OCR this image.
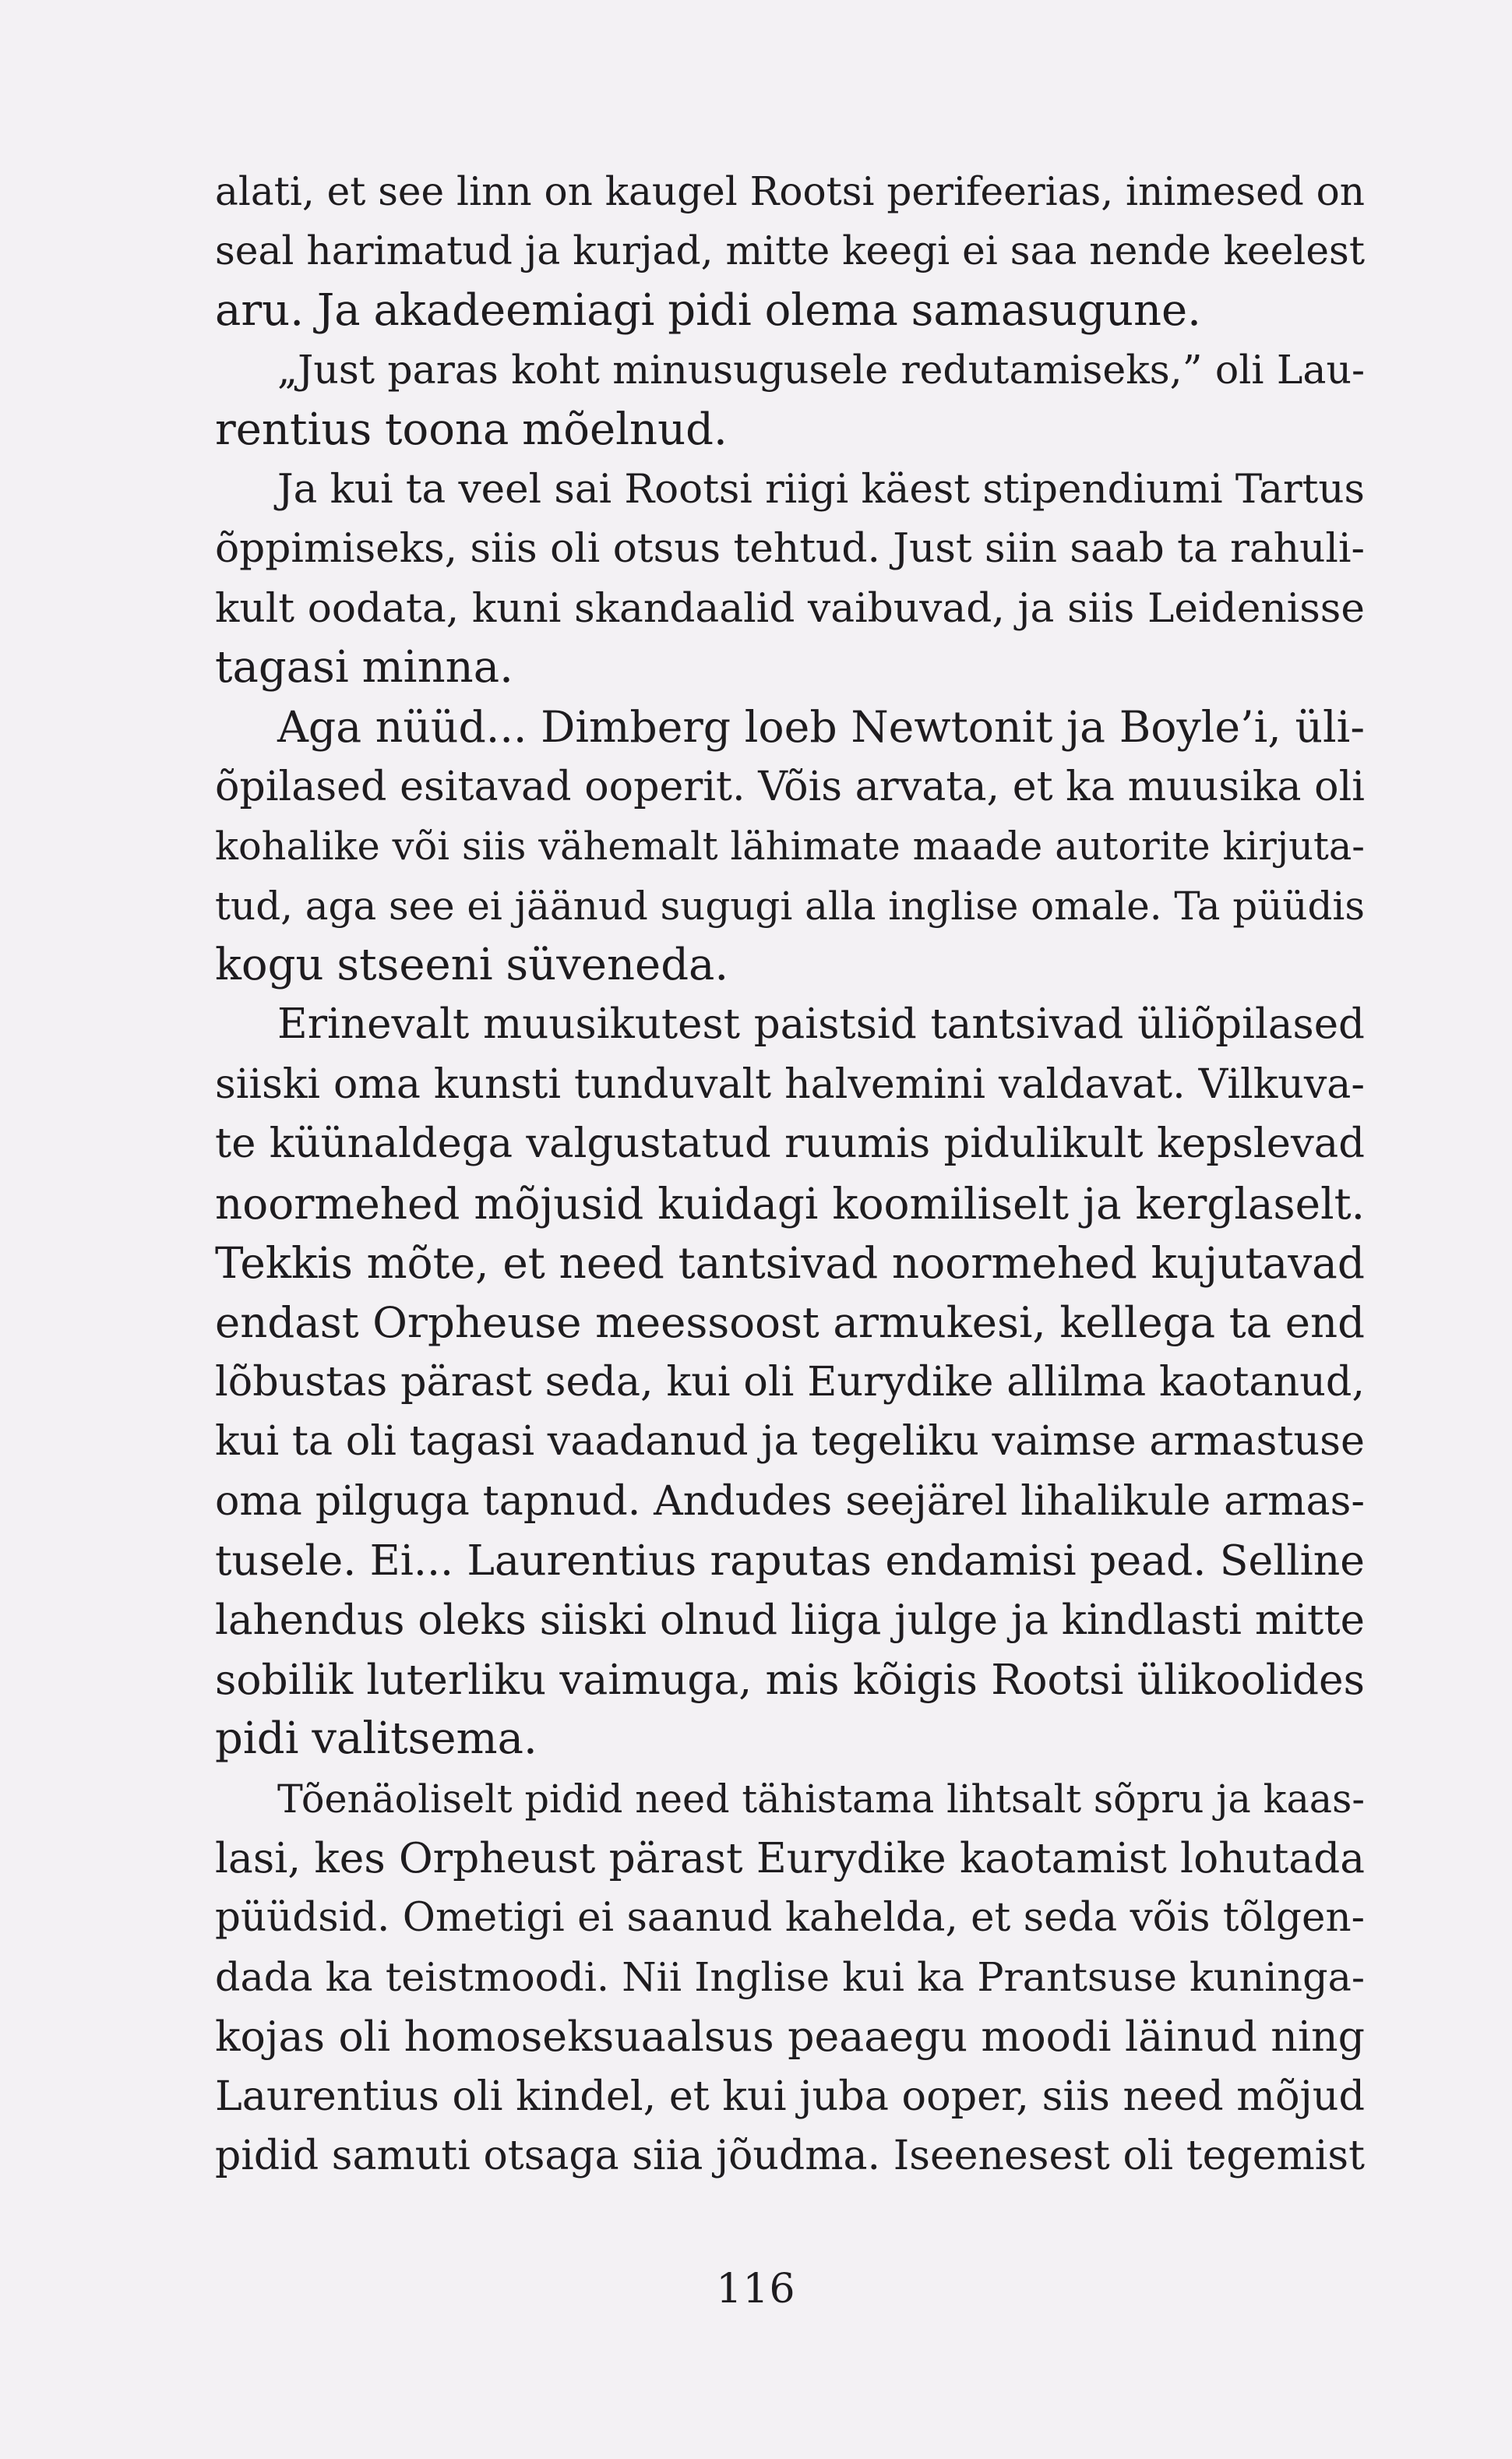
alati, et see linn on kaugel Rootsi perifeerias, inimesed on
seal harimatud ja kurjad, mitte keegi ei saa nende keelest
aru. Ja akadeemiagi pidi olema samasugune.
„Just paras koht minusugusele redutamiseks,” oli Lau-
rentius toona mõelnud.
Ja kui ta veel sai Rootsi riigi käest stipendiumi Tartus
õppimiseks, siis oli otsus tehtud. Just siin saab ta rahuli-
kult oodata, kuni skandaalid vaibuvad, ja siis Leidenisse
tagasi minna.
Aga nüüd... Dimberg loeb Newtonit ja Boyle’i, üli-
õpilased esitavad ooperit. Võis arvata, et ka muusika oli
kohalike või siis vähemalt lähimate maade autorite kirjuta-
tud, aga see ei jäänud sugugi alla inglise omale. Ta püüdis
kogu stseeni süveneda.
Erinevalt muusikutest paistsid tantsivad üliõpilased
siiski oma kunsti tunduvalt halvemini valdavat. Vilkuva-
te küünaldega valgustatud ruumis pidulikult kepslevad
noormehed mõjusid kuidagi koomiliselt ja kerglaselt.
Tekkis mõte, et need tantsivad noormehed kujutavad
endast Orpheuse meessoost armukesi, kellega ta end
lõbustas pärast seda, kui oli Eurydike allilma kaotanud,
kui ta oli tagasi vaadanud ja tegeliku vaimse armastuse
oma pilguga tapnud. Andudes seejärel lihalikule armas-
tusele. Ei... Laurentius raputas endamisi pead. Selline
lahendus oleks siiski olnud liiga julge ja kindlasti mitte
sobilik luterliku vaimuga, mis kõigis Rootsi ülikoolides
pidi valitsema.
Tõenäoliselt pidid need tähistama lihtsalt sõpru ja kaas-
lasi, kes Orpheust pärast Eurydike kaotamist lohutada
püüdsid. Ometigi ei saanud kahelda, et seda võis tõlgen-
dada ka teistmoodi. Nii Inglise kui ka Prantsuse kuninga-
kojas oli homoseksuaalsus peaaegu moodi läinud ning
Laurentius oli kindel, et kui juba ooper, siis need mõjud
pidid samuti otsaga siia jõudma. Iseenesest oli tegemist
116
